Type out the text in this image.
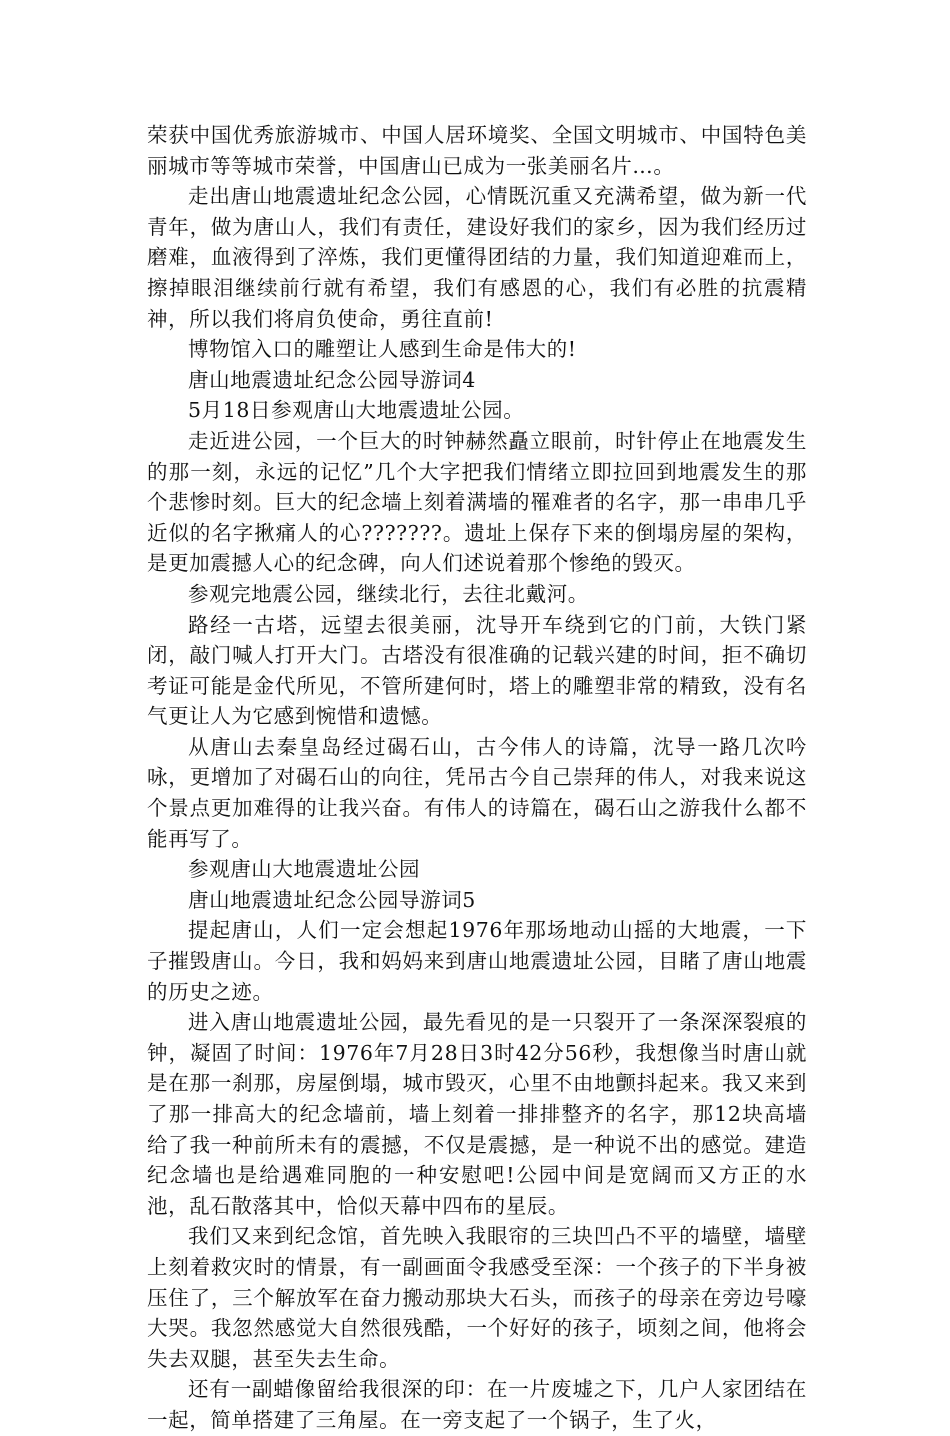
荣获中国优秀旅游城市、中国人居环境奖、全国文明城市、中国特色美丽城市等等城市荣誉，中国唐山已成为一张美丽名片…。

走出唐山地震遗址纪念公园，心情既沉重又充满希望，做为新一代青年，做为唐山人，我们有责任，建设好我们的家乡，因为我们经历过磨难，血液得到了淬炼，我们更懂得团结的力量，我们知道迎难而上，擦掉眼泪继续前行就有希望，我们有感恩的心，我们有必胜的抗震精神，所以我们将肩负使命，勇往直前!

博物馆入口的雕塑让人感到生命是伟大的!

唐山地震遗址纪念公园导游词4

5月18日参观唐山大地震遗址公园。

走近进公园，一个巨大的时钟赫然矗立眼前，时针停止在地震发生的那一刻，永远的记忆”几个大字把我们情绪立即拉回到地震发生的那个悲惨时刻。巨大的纪念墙上刻着满墙的罹难者的名字，那一串串几乎近似的名字揪痛人的心???????。遗址上保存下来的倒塌房屋的架构，是更加震撼人心的纪念碑，向人们述说着那个惨绝的毁灭。

参观完地震公园，继续北行，去往北戴河。

路经一古塔，远望去很美丽，沈导开车绕到它的门前，大铁门紧闭，敲门喊人打开大门。古塔没有很准确的记载兴建的时间，拒不确切考证可能是金代所见，不管所建何时，塔上的雕塑非常的精致，没有名气更让人为它感到惋惜和遗憾。

从唐山去秦皇岛经过碣石山，古今伟人的诗篇，沈导一路几次吟咏，更增加了对碣石山的向往，凭吊古今自己崇拜的伟人，对我来说这个景点更加难得的让我兴奋。有伟人的诗篇在，碣石山之游我什么都不能再写了。

参观唐山大地震遗址公园

唐山地震遗址纪念公园导游词5

提起唐山，人们一定会想起1976年那场地动山摇的大地震，一下子摧毁唐山。今日，我和妈妈来到唐山地震遗址公园，目睹了唐山地震的历史之迹。

进入唐山地震遗址公园，最先看见的是一只裂开了一条深深裂痕的钟，凝固了时间：1976年7月28日3时42分56秒，我想像当时唐山就是在那一刹那，房屋倒塌，城市毁灭，心里不由地颤抖起来。我又来到了那一排高大的纪念墙前，墙上刻着一排排整齐的名字，那12块高墙给了我一种前所未有的震撼，不仅是震撼，是一种说不出的感觉。建造纪念墙也是给遇难同胞的一种安慰吧!公园中间是宽阔而又方正的水池，乱石散落其中，恰似天幕中四布的星辰。

我们又来到纪念馆，首先映入我眼帘的三块凹凸不平的墙壁，墙壁上刻着救灾时的情景，有一副画面令我感受至深：一个孩子的下半身被压住了，三个解放军在奋力搬动那块大石头，而孩子的母亲在旁边号嚎大哭。我忽然感觉大自然很残酷，一个好好的孩子，顷刻之间，他将会失去双腿，甚至失去生命。

还有一副蜡像留给我很深的印：在一片废墟之下，几户人家团结在一起，简单搭建了三角屋。在一旁支起了一个锅子，生了火，
